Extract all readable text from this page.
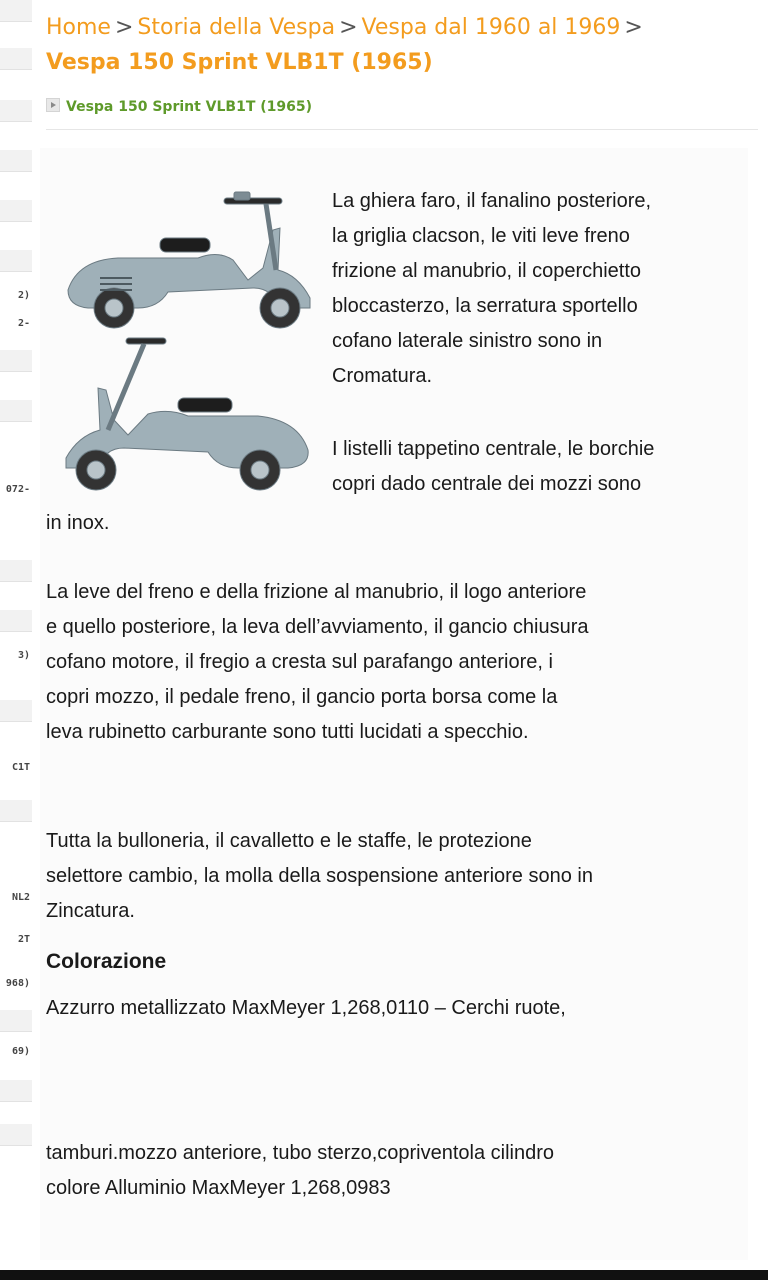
2)
2-
072-
3)
C1T
NL2
2T
968)
69)
Home > Storia della Vespa > Vespa dal 1960 al 1969 >
Vespa 150 Sprint VLB1T (1965)
Vespa 150 Sprint VLB1T (1965)
La ghiera faro, il fanalino posteriore,
la griglia clacson, le viti leve freno
frizione al manubrio, il coperchietto
bloccasterzo, la serratura sportello
cofano laterale sinistro sono in
Cromatura.
I listelli tappetino centrale, le borchie
copri dado centrale dei mozzi sono
in inox.
La leve del freno e della frizione al manubrio, il logo anteriore
e quello posteriore, la leva dell’avviamento, il gancio chiusura
cofano motore, il fregio a cresta sul parafango anteriore, i
copri mozzo, il pedale freno, il gancio porta borsa come la
leva rubinetto carburante sono tutti lucidati a specchio.
Tutta la bulloneria, il cavalletto e le staffe, le protezione
selettore cambio, la molla della sospensione anteriore sono in
Zincatura.
Colorazione
Azzurro metallizzato MaxMeyer 1,268,0110 – Cerchi ruote,
tamburi.mozzo anteriore, tubo sterzo,copriventola cilindro
colore Alluminio MaxMeyer 1,268,0983
